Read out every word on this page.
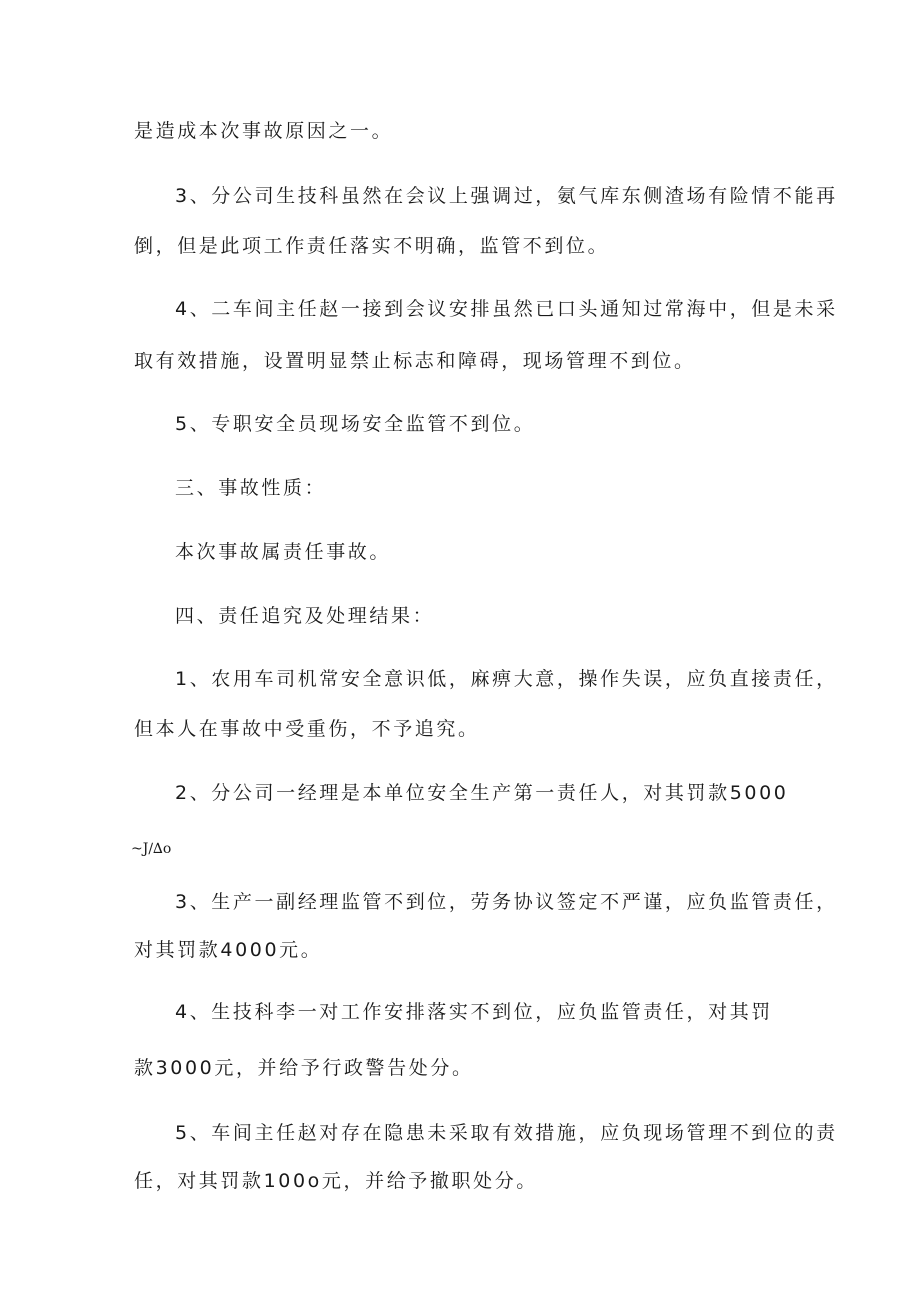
是造成本次事故原因之一。

3、分公司生技科虽然在会议上强调过，氨气库东侧渣场有险情不能再

倒，但是此项工作责任落实不明确，监管不到位。

4、二车间主任赵一接到会议安排虽然已口头通知过常海中，但是未采

取有效措施，设置明显禁止标志和障碍，现场管理不到位。

5、专职安全员现场安全监管不到位。

三、事故性质：

本次事故属责任事故。

四、责任追究及处理结果：

1、农用车司机常安全意识低，麻痹大意，操作失误，应负直接责任，

但本人在事故中受重伤，不予追究。

2、分公司一经理是本单位安全生产第一责任人，对其罚款5000

~J∕∆o

3、生产一副经理监管不到位，劳务协议签定不严谨，应负监管责任，

对其罚款4000元。

4、生技科李一对工作安排落实不到位，应负监管责任，对其罚

款3000元，并给予行政警告处分。

5、车间主任赵对存在隐患未采取有效措施，应负现场管理不到位的责

任，对其罚款100o元，并给予撤职处分。
